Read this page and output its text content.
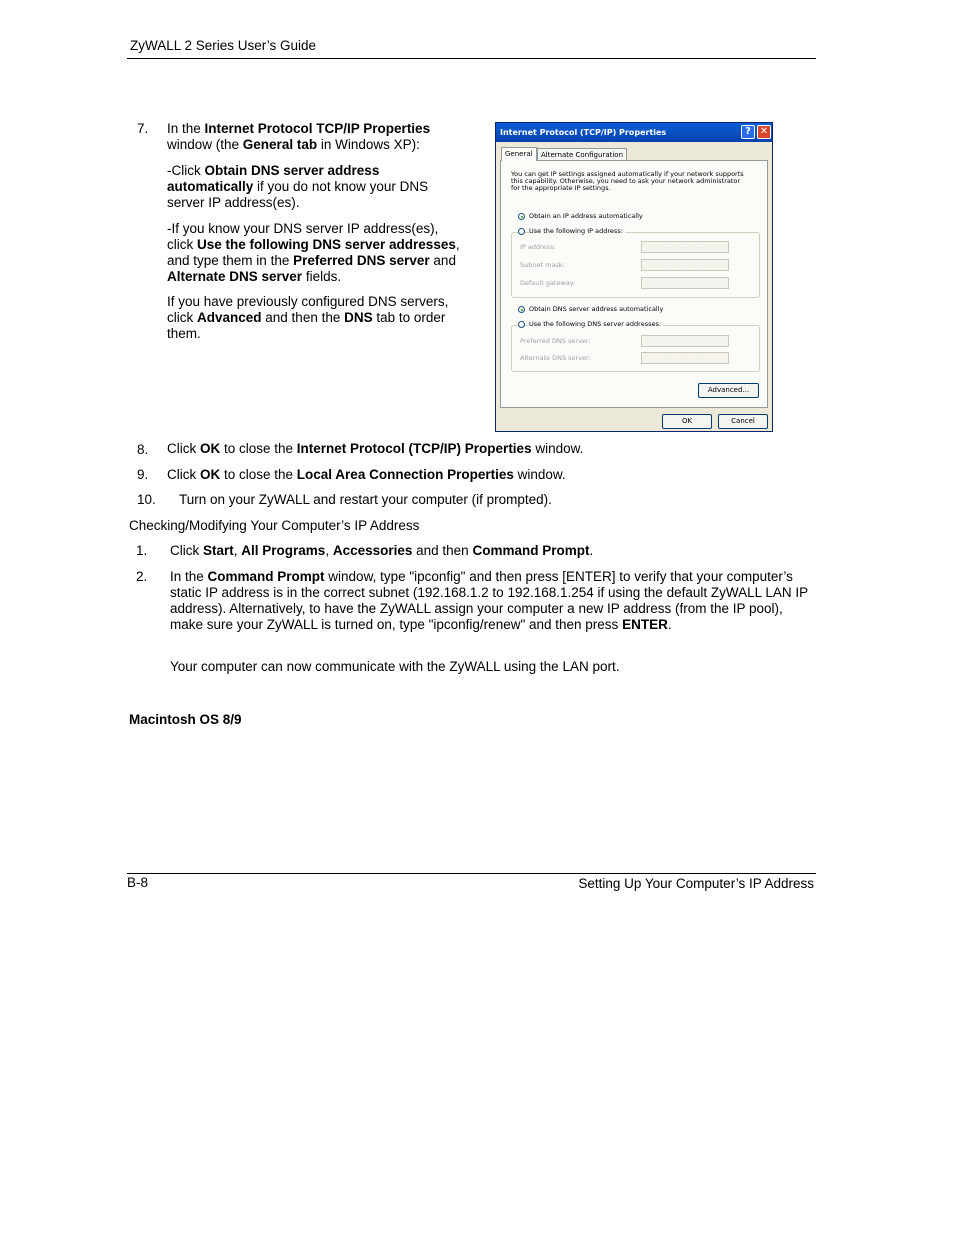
ZyWALL 2 Series User’s Guide
7. In the Internet Protocol TCP/IP Properties window (the General tab in Windows XP):

-Click Obtain DNS server address automatically if you do not know your DNS server IP address(es).

-If you know your DNS server IP address(es), click Use the following DNS server addresses, and type them in the Preferred DNS server and Alternate DNS server fields.

If you have previously configured DNS servers, click Advanced and then the DNS tab to order them.

Internet Protocol (TCP/IP) Properties	? ✕
General	Alternate Configuration
You can get IP settings assigned automatically if your network supports this capability. Otherwise, you need to ask your network administrator for the appropriate IP settings.
Obtain an IP address automatically
Use the following IP address:
IP address:	. . .
Subnet mask:	. . .
Default gateway:	. . .
Obtain DNS server address automatically
Use the following DNS server addresses:
Preferred DNS server:	. . .
Alternate DNS server:	. . .
Advanced...
OK	Cancel
8. Click OK to close the Internet Protocol (TCP/IP) Properties window.

9. Click OK to close the Local Area Connection Properties window.

10. Turn on your ZyWALL and restart your computer (if prompted).

Checking/Modifying Your Computer’s IP Address

1. Click Start, All Programs, Accessories and then Command Prompt.

2. In the Command Prompt window, type "ipconfig" and then press [ENTER] to verify that your computer’s static IP address is in the correct subnet (192.168.1.2 to 192.168.1.254 if using the default ZyWALL LAN IP address). Alternatively, to have the ZyWALL assign your computer a new IP address (from the IP pool), make sure your ZyWALL is turned on, type "ipconfig/renew" and then press ENTER.

Your computer can now communicate with the ZyWALL using the LAN port.

Macintosh OS 8/9

B-8	Setting Up Your Computer’s IP Address
